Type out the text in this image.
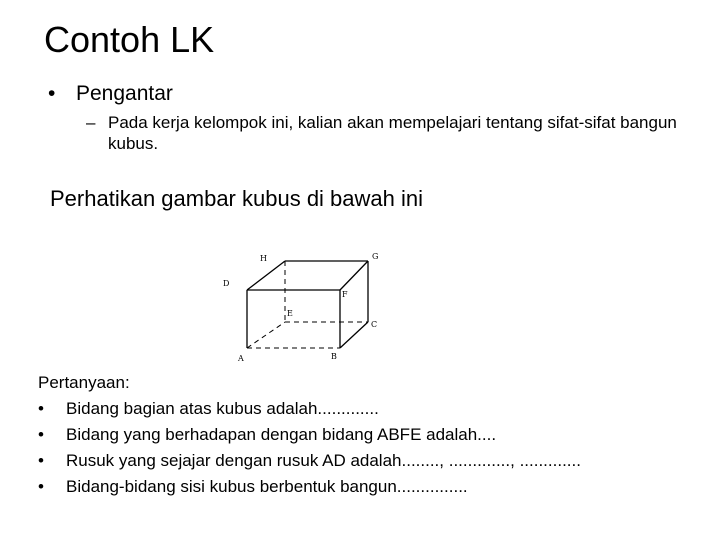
Contoh LK
• Pengantar
– Pada kerja kelompok ini, kalian akan mempelajari tentang sifat-sifat bangun kubus.
Perhatikan gambar kubus di bawah ini
A	B
C
D
E
F
G
H
Pertanyaan:
• Bidang bagian atas kubus adalah.............
• Bidang yang berhadapan dengan bidang ABFE adalah....
• Rusuk yang sejajar dengan rusuk AD adalah........, ............., .............
• Bidang-bidang sisi kubus berbentuk bangun...............
